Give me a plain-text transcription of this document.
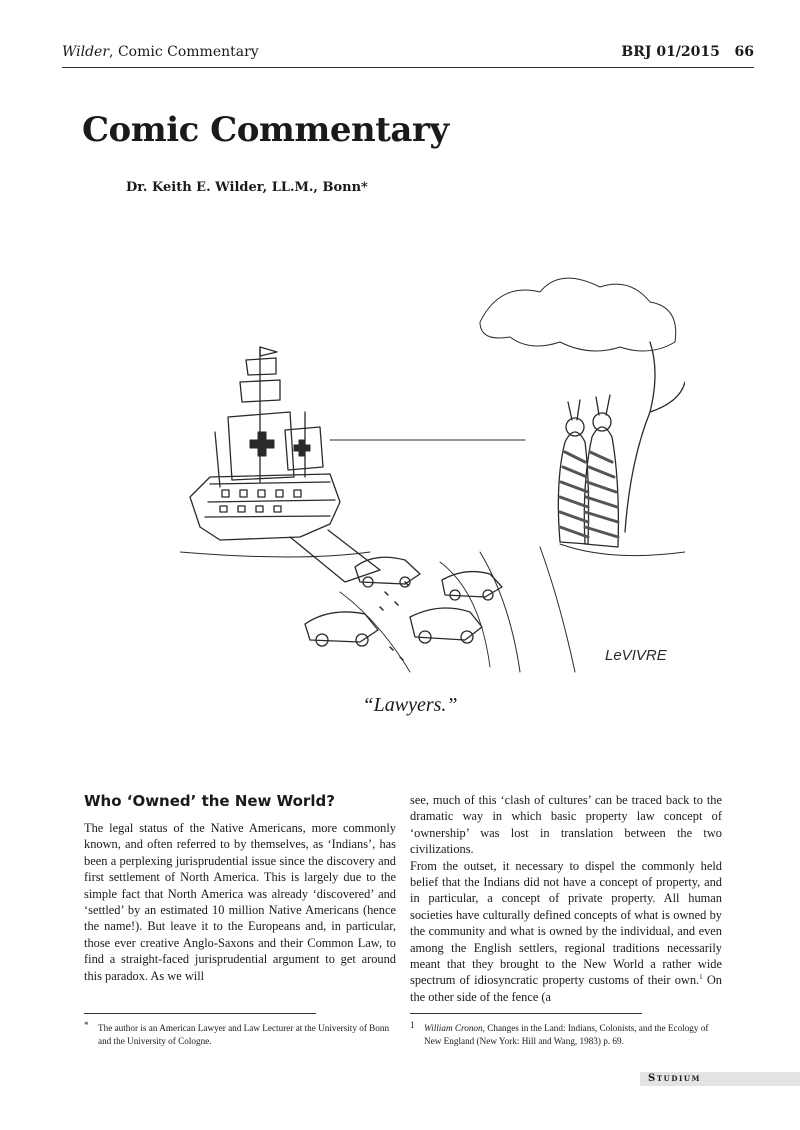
Wilder, Comic Commentary	BRJ 01/2015   66
Comic Commentary
Dr. Keith E. Wilder, LL.M., Bonn*
LeVIVRE
“Lawyers.”
Who ‘Owned’ the New World?

The legal status of the Native Americans, more commonly known, and often referred to by themselves, as ‘Indians’, has been a perplexing jurisprudential issue since the discovery and first settlement of North America. This is largely due to the simple fact that North America was already ‘discovered’ and ‘settled’ by an estimated 10 million Native Americans (hence the name!). But leave it to the Europeans and, in particular, those ever creative Anglo-Saxons and their Common Law, to find a straight-faced jurisprudential argument to get around this paradox. As we will

see, much of this ‘clash of cultures’ can be traced back to the dramatic way in which basic property law concept of ‘ownership’ was lost in translation between the two civilizations.

From the outset, it necessary to dispel the commonly held belief that the Indians did not have a concept of property, and in particular, a concept of private property. All human societies have culturally defined concepts of what is owned by the community and what is owned by the individual, and even among the English settlers, regional traditions necessarily meant that they brought to the New World a rather wide spectrum of idiosyncratic property customs of their own.$^1$ On the other side of the fence (a

*	The author is an American Lawyer and Law Lecturer at the University of Bonn and the University of Cologne.
1	William Cronon, Changes in the Land: Indians, Colonists, and the Ecology of New England (New York: Hill and Wang, 1983) p. 69.
Studium
